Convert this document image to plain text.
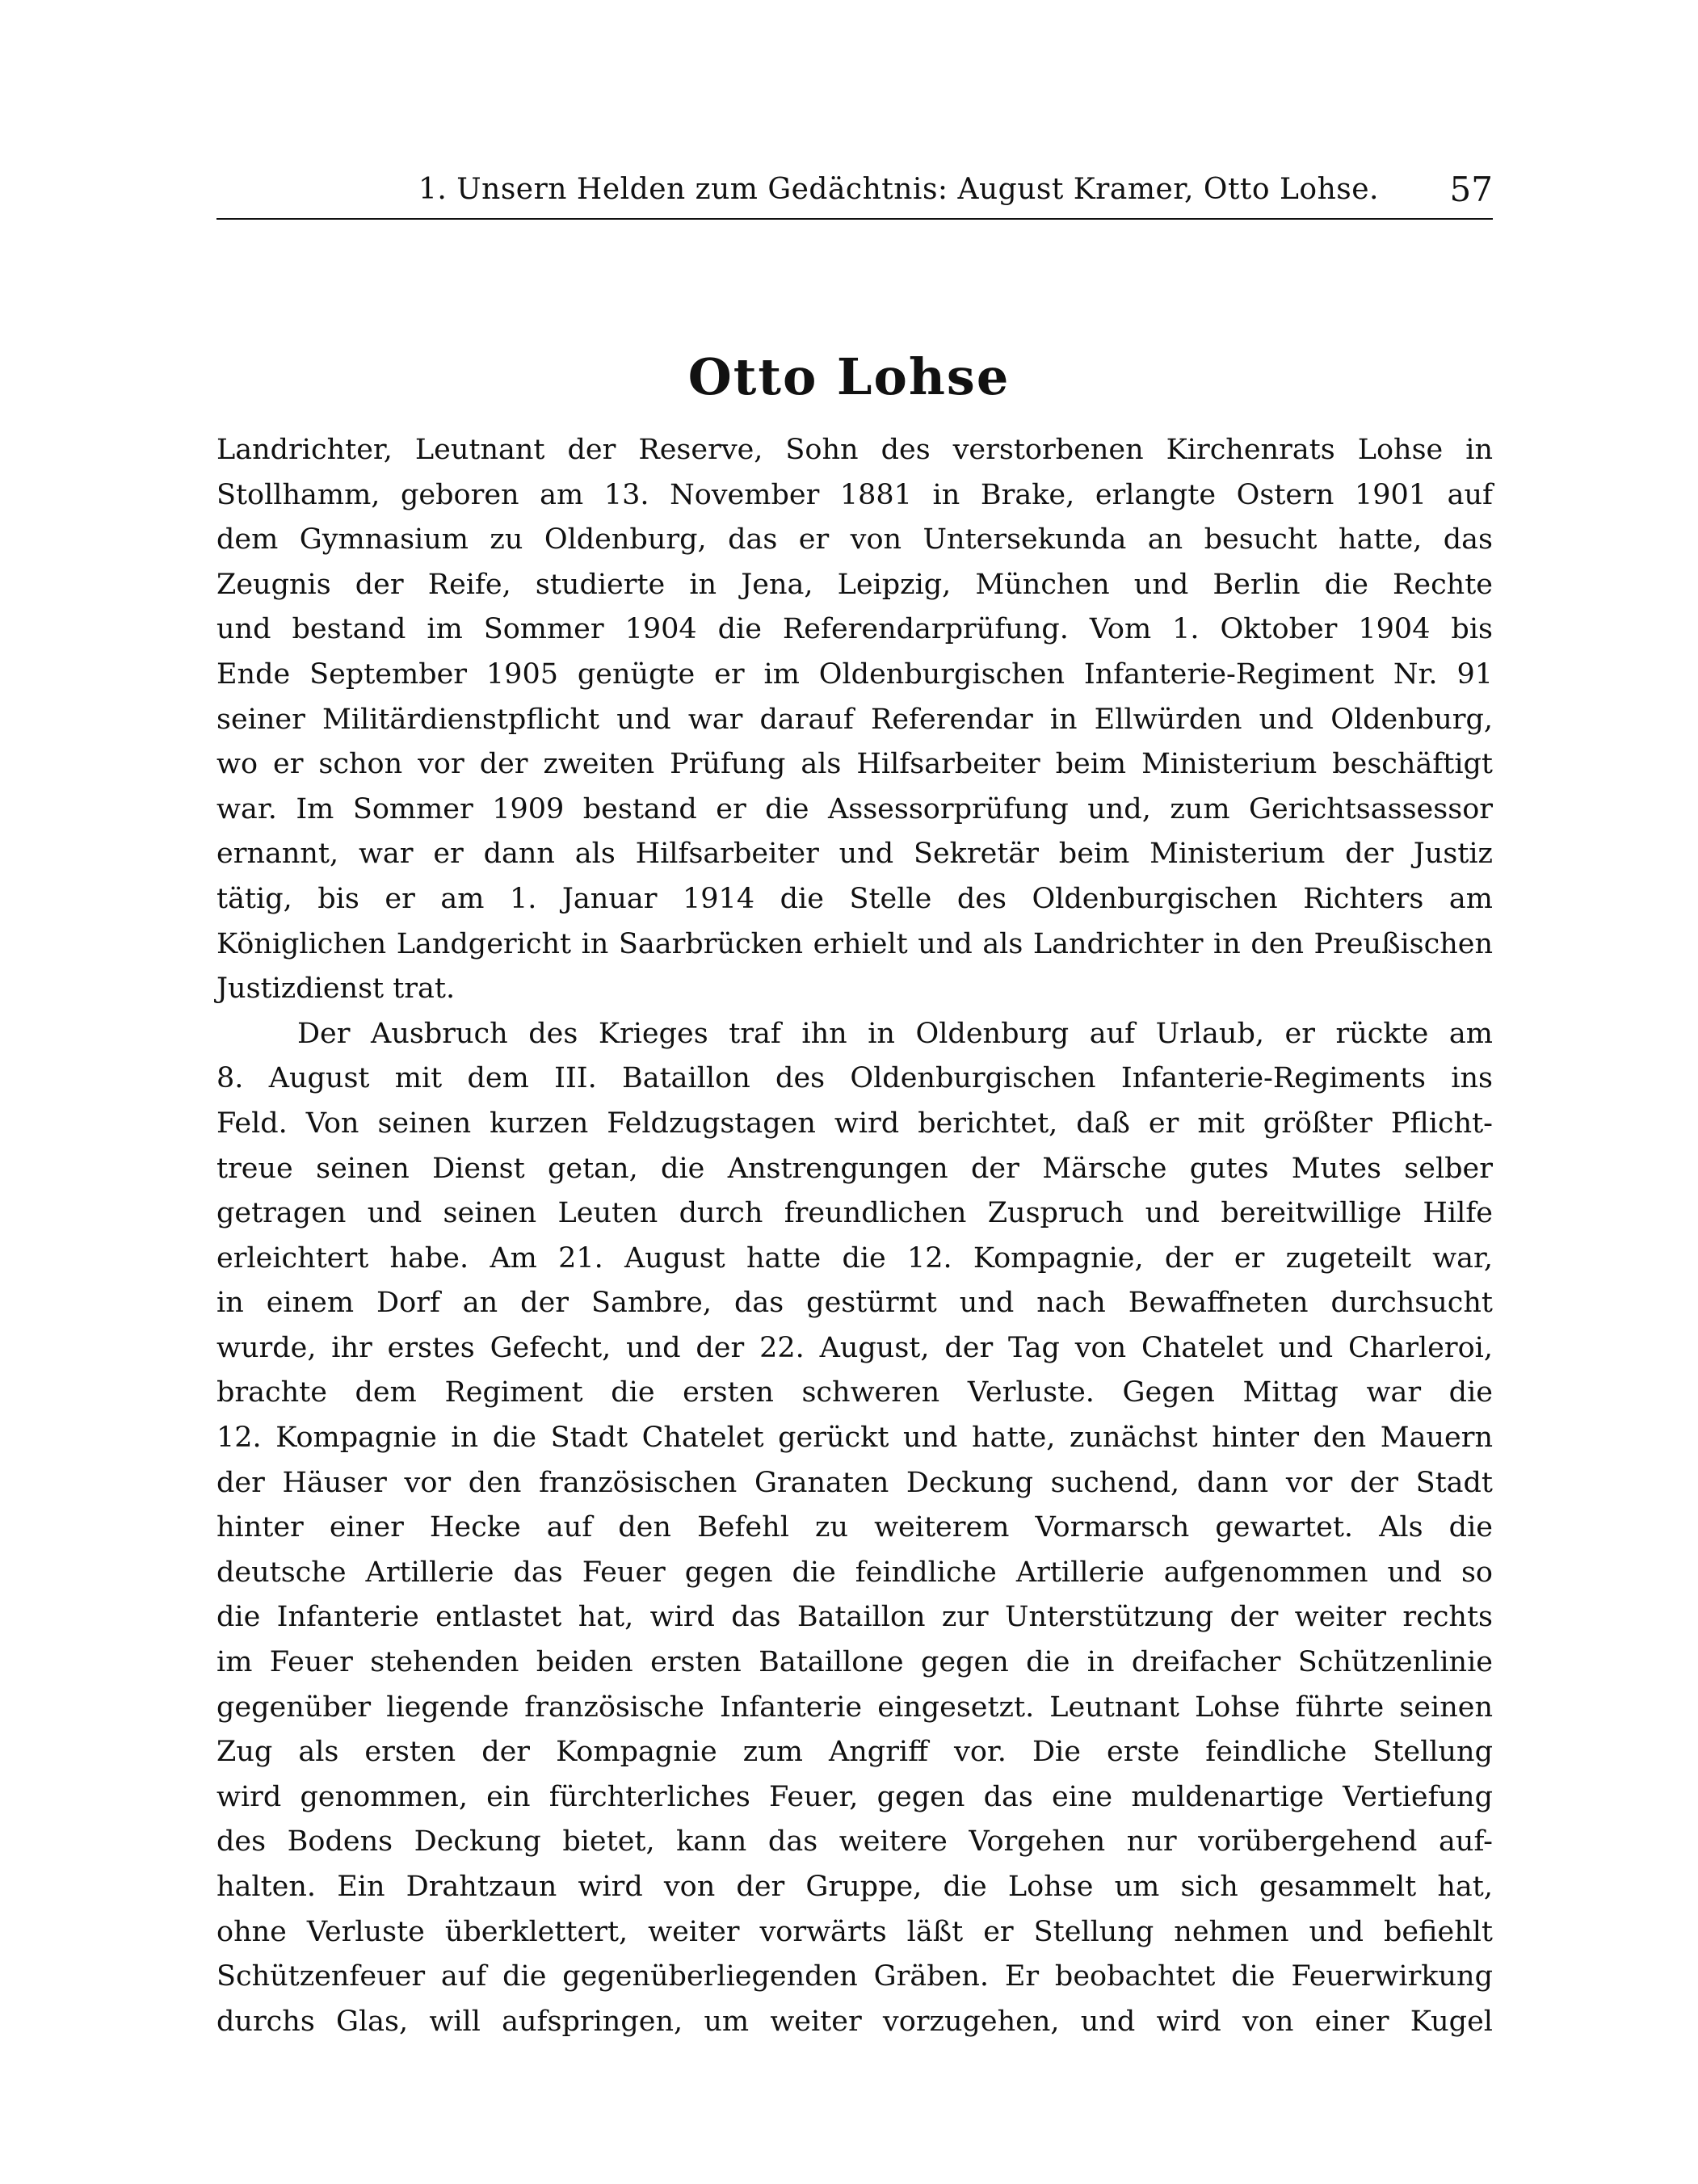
1. Unsern Helden zum Gedächtnis: August Kramer, Otto Lohse. 57
Otto Lohse
Landrichter, Leutnant der Reserve, Sohn des verstorbenen Kirchenrats Lohse in
Stollhamm, geboren am 13. November 1881 in Brake, erlangte Ostern 1901 auf
dem Gymnasium zu Oldenburg, das er von Untersekunda an besucht hatte, das
Zeugnis der Reife, studierte in Jena, Leipzig, München und Berlin die Rechte
und bestand im Sommer 1904 die Referendarprüfung. Vom 1. Oktober 1904 bis
Ende September 1905 genügte er im Oldenburgischen Infanterie-Regiment Nr. 91
seiner Militärdienstpflicht und war darauf Referendar in Ellwürden und Oldenburg,
wo er schon vor der zweiten Prüfung als Hilfsarbeiter beim Ministerium beschäftigt
war. Im Sommer 1909 bestand er die Assessorprüfung und, zum Gerichtsassessor
ernannt, war er dann als Hilfsarbeiter und Sekretär beim Ministerium der Justiz
tätig, bis er am 1. Januar 1914 die Stelle des Oldenburgischen Richters am
Königlichen Landgericht in Saarbrücken erhielt und als Landrichter in den Preußischen
Justizdienst trat.
Der Ausbruch des Krieges traf ihn in Oldenburg auf Urlaub, er rückte am
8. August mit dem III. Bataillon des Oldenburgischen Infanterie-Regiments ins
Feld. Von seinen kurzen Feldzugstagen wird berichtet, daß er mit größter Pflicht-
treue seinen Dienst getan, die Anstrengungen der Märsche gutes Mutes selber
getragen und seinen Leuten durch freundlichen Zuspruch und bereitwillige Hilfe
erleichtert habe. Am 21. August hatte die 12. Kompagnie, der er zugeteilt war,
in einem Dorf an der Sambre, das gestürmt und nach Bewaffneten durchsucht
wurde, ihr erstes Gefecht, und der 22. August, der Tag von Chatelet und Charleroi,
brachte dem Regiment die ersten schweren Verluste. Gegen Mittag war die
12. Kompagnie in die Stadt Chatelet gerückt und hatte, zunächst hinter den Mauern
der Häuser vor den französischen Granaten Deckung suchend, dann vor der Stadt
hinter einer Hecke auf den Befehl zu weiterem Vormarsch gewartet. Als die
deutsche Artillerie das Feuer gegen die feindliche Artillerie aufgenommen und so
die Infanterie entlastet hat, wird das Bataillon zur Unterstützung der weiter rechts
im Feuer stehenden beiden ersten Bataillone gegen die in dreifacher Schützenlinie
gegenüber liegende französische Infanterie eingesetzt. Leutnant Lohse führte seinen
Zug als ersten der Kompagnie zum Angriff vor. Die erste feindliche Stellung
wird genommen, ein fürchterliches Feuer, gegen das eine muldenartige Vertiefung
des Bodens Deckung bietet, kann das weitere Vorgehen nur vorübergehend auf-
halten. Ein Drahtzaun wird von der Gruppe, die Lohse um sich gesammelt hat,
ohne Verluste überklettert, weiter vorwärts läßt er Stellung nehmen und befiehlt
Schützenfeuer auf die gegenüberliegenden Gräben. Er beobachtet die Feuerwirkung
durchs Glas, will aufspringen, um weiter vorzugehen, und wird von einer Kugel
